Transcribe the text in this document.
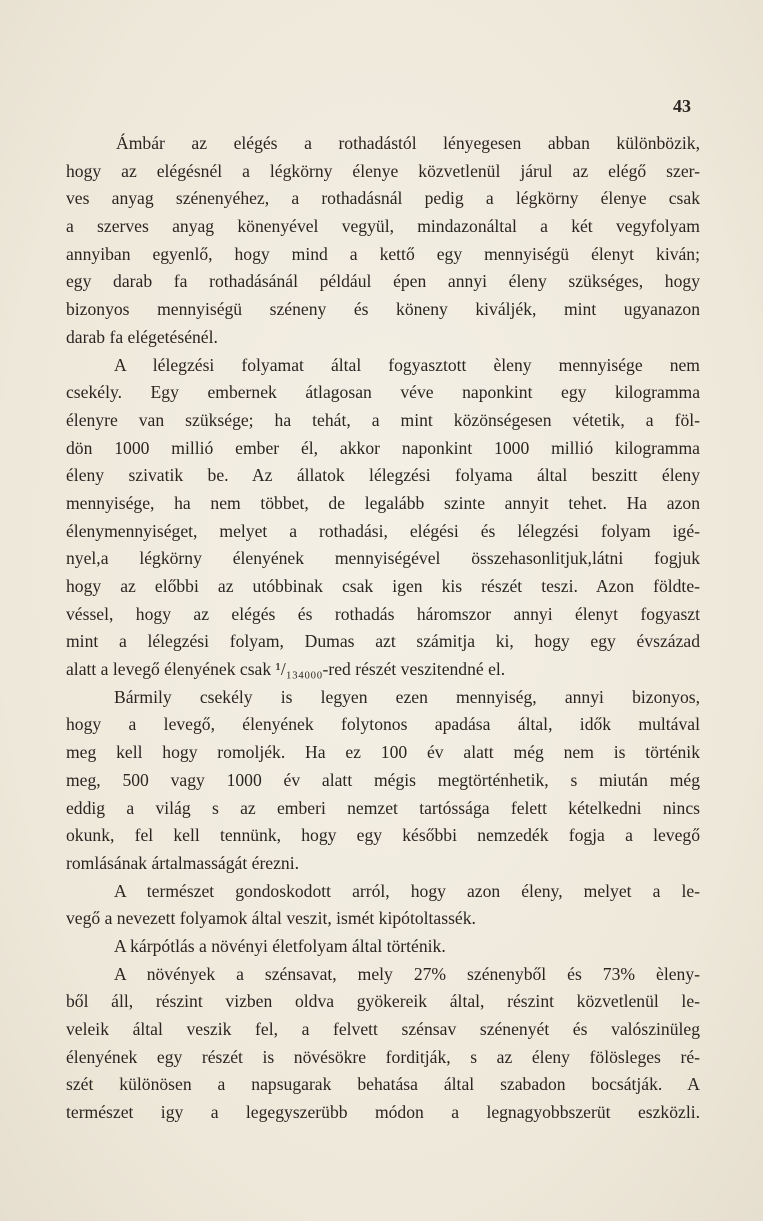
43
Ámbár az elégés a rothadástól lényegesen abban különbözik,
hogy az elégésnél a légkörny élenye közvetlenül járul az elégő szer-
ves anyag szénenyéhez, a rothadásnál pedig a légkörny élenye csak
a szerves anyag könenyével vegyül, mindazonáltal a két vegyfolyam
annyiban egyenlő, hogy mind a kettő egy mennyiségü élenyt kiván;
egy darab fa rothadásánál például épen annyi éleny szükséges, hogy
bizonyos mennyiségü széneny és köneny kiváljék, mint ugyanazon
darab fa elégetésénél.
A lélegzési folyamat által fogyasztott èleny mennyisége nem
csekély. Egy embernek átlagosan véve naponkint egy kilogramma
élenyre van szüksége; ha tehát, a mint közönségesen vétetik, a föl-
dön 1000 millió ember él, akkor naponkint 1000 millió kilogramma
éleny szivatik be. Az állatok lélegzési folyama által beszitt éleny
mennyisége, ha nem többet, de legalább szinte annyit tehet. Ha azon
élenymennyiséget, melyet a rothadási, elégési és lélegzési folyam igé-
nyel,a légkörny élenyének mennyiségével összehasonlitjuk,látni fogjuk
hogy az előbbi az utóbbinak csak igen kis részét teszi. Azon földte-
véssel, hogy az elégés és rothadás háromszor annyi élenyt fogyaszt
mint a lélegzési folyam, Dumas azt számitja ki, hogy egy évszázad
alatt a levegő élenyének csak ¹/₁₃₄₀₀₀-red részét veszitendné el.
Bármily csekély is legyen ezen mennyiség, annyi bizonyos,
hogy a levegő, élenyének folytonos apadása által, idők multával
meg kell hogy romoljék. Ha ez 100 év alatt még nem is történik
meg, 500 vagy 1000 év alatt mégis megtörténhetik, s miután még
eddig a világ s az emberi nemzet tartóssága felett kételkedni nincs
okunk, fel kell tennünk, hogy egy későbbi nemzedék fogja a levegő
romlásának ártalmasságát érezni.
A természet gondoskodott arról, hogy azon éleny, melyet a le-
vegő a nevezett folyamok által veszit, ismét kipótoltassék.
A kárpótlás a növényi életfolyam által történik.
A növények a szénsavat, mely 27% szénenyből és 73% èleny-
ből áll, részint vizben oldva gyökereik által, részint közvetlenül le-
veleik által veszik fel, a felvett szénsav szénenyét és valószinüleg
élenyének egy részét is növésökre forditják, s az éleny fölösleges ré-
szét különösen a napsugarak behatása által szabadon bocsátják. A
természet igy a legegyszerübb módon a legnagyobbszerüt eszközli.
